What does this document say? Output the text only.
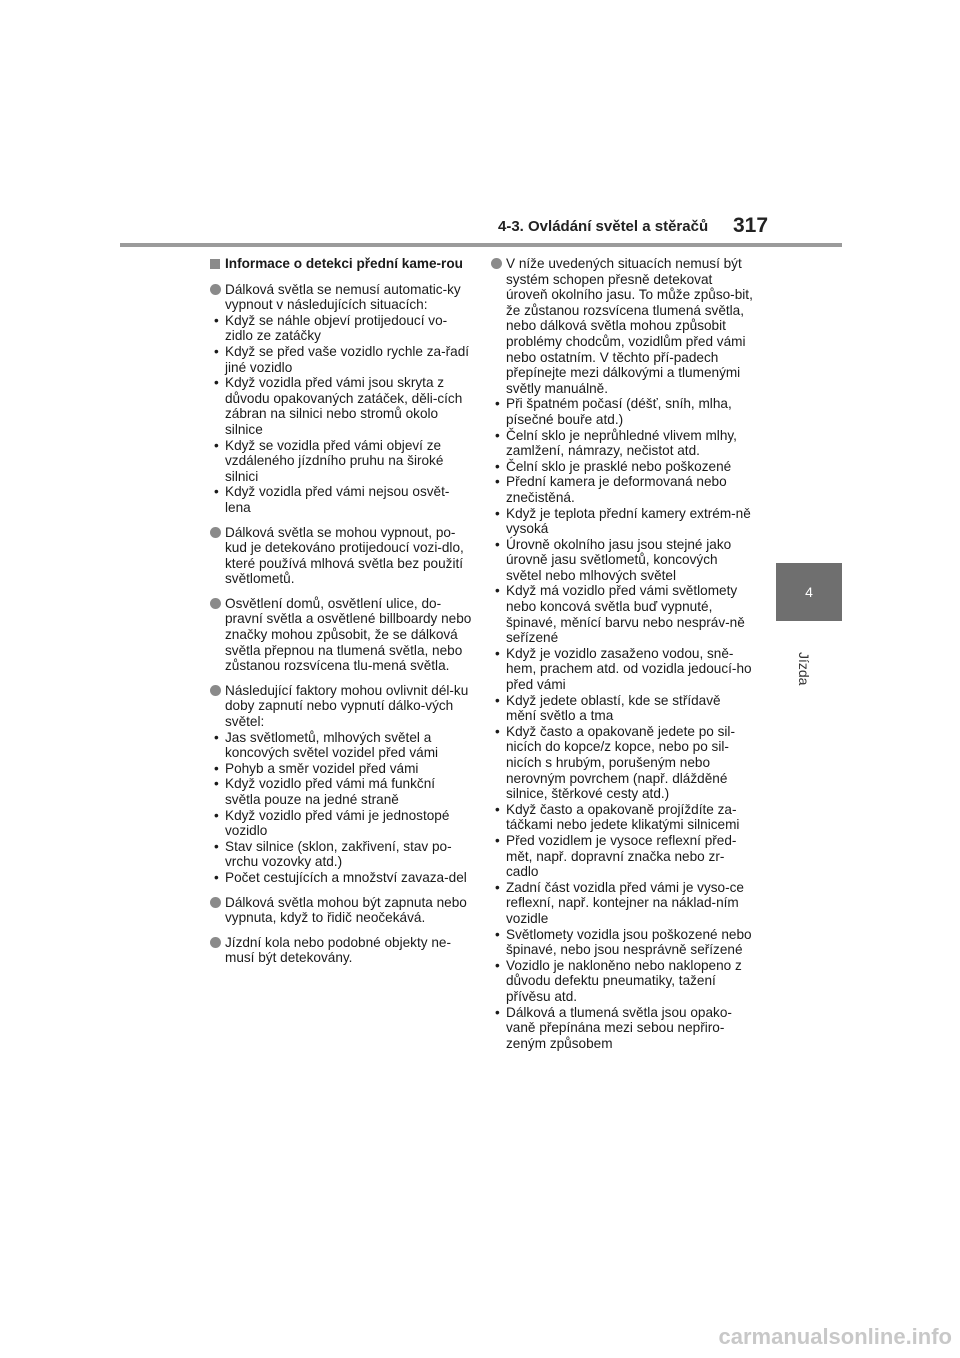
4-3. Ovládání světel a stěračů 317
4
Jízda
Informace o detekci přední kame-rou
Dálková světla se nemusí automatic-ky vypnout v následujících situacích:
• Když se náhle objeví protijedoucí vo-zidlo ze zatáčky
• Když se před vaše vozidlo rychle za-řadí jiné vozidlo
• Když vozidla před vámi jsou skryta z důvodu opakovaných zatáček, děli-cích zábran na silnici nebo stromů okolo silnice
• Když se vozidla před vámi objeví ze vzdáleného jízdního pruhu na široké silnici
• Když vozidla před vámi nejsou osvět-lena
Dálková světla se mohou vypnout, po-kud je detekováno protijedoucí vozi-dlo, které používá mlhová světla bez použití světlometů.
Osvětlení domů, osvětlení ulice, do-pravní světla a osvětlené billboardy nebo značky mohou způsobit, že se dálková světla přepnou na tlumená světla, nebo zůstanou rozsvícena tlu-mená světla.
Následující faktory mohou ovlivnit dél-ku doby zapnutí nebo vypnutí dálko-vých světel:
• Jas světlometů, mlhových světel a koncových světel vozidel před vámi
• Pohyb a směr vozidel před vámi
• Když vozidlo před vámi má funkční světla pouze na jedné straně
• Když vozidlo před vámi je jednostopé vozidlo
• Stav silnice (sklon, zakřivení, stav po-vrchu vozovky atd.)
• Počet cestujících a množství zavaza-del
Dálková světla mohou být zapnuta nebo vypnuta, když to řidič neočekává.
Jízdní kola nebo podobné objekty ne-musí být detekovány.
V níže uvedených situacích nemusí být systém schopen přesně detekovat úroveň okolního jasu. To může způso-bit, že zůstanou rozsvícena tlumená světla, nebo dálková světla mohou způsobit problémy chodcům, vozidlům před vámi nebo ostatním. V těchto pří-padech přepínejte mezi dálkovými a tlumenými světly manuálně.
• Při špatném počasí (déšť, sníh, mlha, písečné bouře atd.)
• Čelní sklo je neprůhledné vlivem mlhy, zamlžení, námrazy, nečistot atd.
• Čelní sklo je prasklé nebo poškozené
• Přední kamera je deformovaná nebo znečistěná.
• Když je teplota přední kamery extrém-ně vysoká
• Úrovně okolního jasu jsou stejné jako úrovně jasu světlometů, koncových světel nebo mlhových světel
• Když má vozidlo před vámi světlomety nebo koncová světla buď vypnuté, špinavé, měnící barvu nebo nespráv-ně seřízené
• Když je vozidlo zasaženo vodou, sně-hem, prachem atd. od vozidla jedoucí-ho před vámi
• Když jedete oblastí, kde se střídavě mění světlo a tma
• Když často a opakovaně jedete po sil-nicích do kopce/z kopce, nebo po sil-nicích s hrubým, porušeným nebo nerovným povrchem (např. dlážděné silnice, štěrkové cesty atd.)
• Když často a opakovaně projíždíte za-táčkami nebo jedete klikatými silnicemi
• Před vozidlem je vysoce reflexní před-mět, např. dopravní značka nebo zr-cadlo
• Zadní část vozidla před vámi je vyso-ce reflexní, např. kontejner na náklad-ním vozidle
• Světlomety vozidla jsou poškozené nebo špinavé, nebo jsou nesprávně seřízené
• Vozidlo je nakloněno nebo naklopeno z důvodu defektu pneumatiky, tažení přívěsu atd.
• Dálková a tlumená světla jsou opako-vaně přepínána mezi sebou nepřiro-zeným způsobem
carmanualsonline.info
